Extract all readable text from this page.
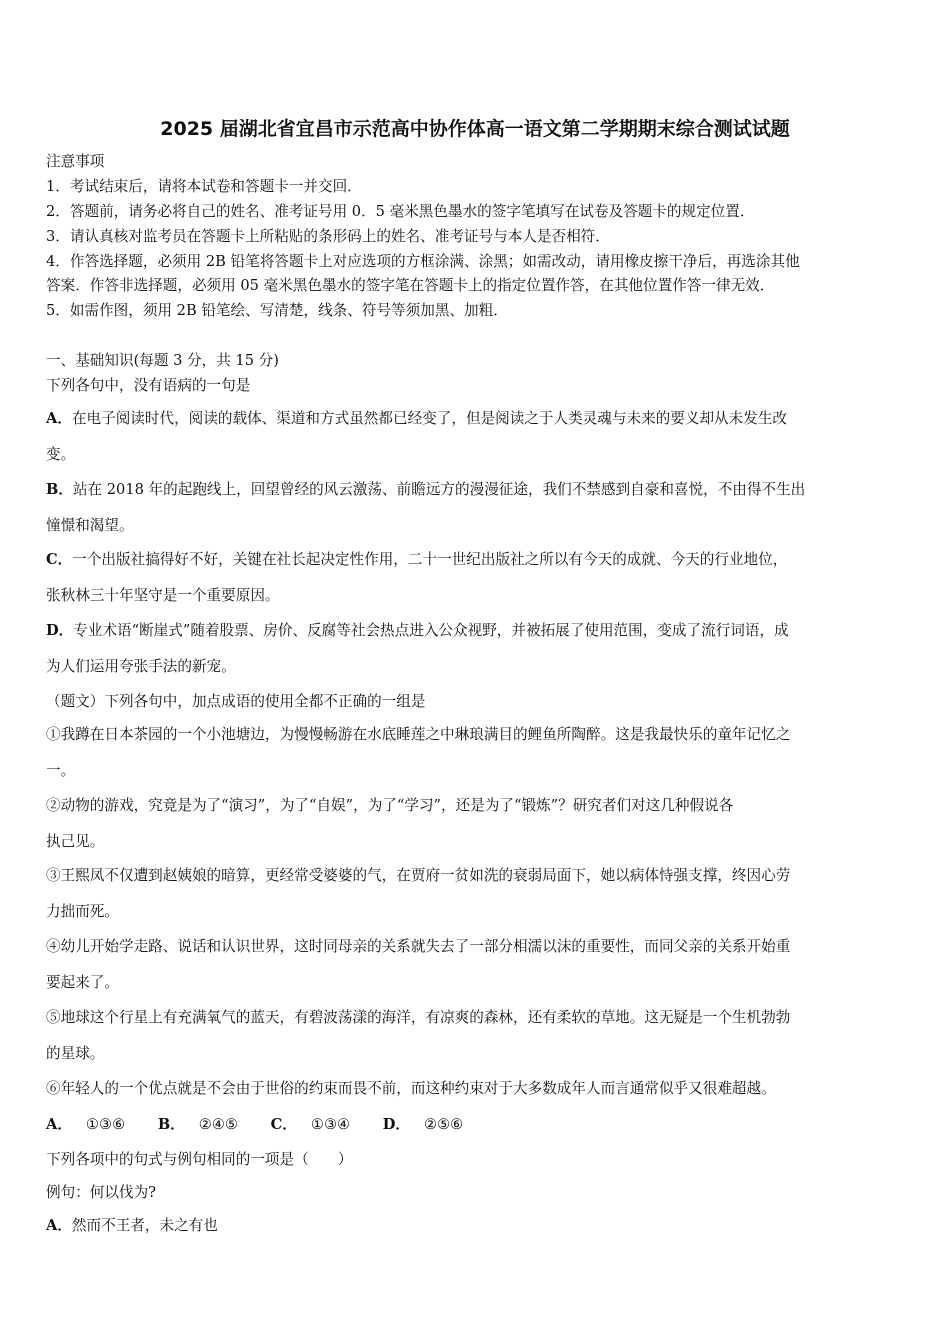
2025 届湖北省宜昌市示范高中协作体高一语文第二学期期末综合测试试题
注意事项
1．考试结束后，请将本试卷和答题卡一并交回．
2．答题前，请务必将自己的姓名、准考证号用 0．5 毫米黑色墨水的签字笔填写在试卷及答题卡的规定位置．
3．请认真核对监考员在答题卡上所粘贴的条形码上的姓名、准考证号与本人是否相符．
4．作答选择题，必须用 2B 铅笔将答题卡上对应选项的方框涂满、涂黑；如需改动，请用橡皮擦干净后，再选涂其他
答案．作答非选择题，必须用 05 毫米黑色墨水的签字笔在答题卡上的指定位置作答，在其他位置作答一律无效．
5．如需作图，须用 2B 铅笔绘、写清楚，线条、符号等须加黑、加粗．
一、基础知识(每题 3 分，共 15 分)
下列各句中，没有语病的一句是
A．在电子阅读时代，阅读的载体、渠道和方式虽然都已经变了，但是阅读之于人类灵魂与未来的要义却从未发生改
变。
B．站在 2018 年的起跑线上，回望曾经的风云激荡、前瞻远方的漫漫征途，我们不禁感到自豪和喜悦，不由得不生出
憧憬和渴望。
C．一个出版社搞得好不好，关键在社长起决定性作用，二十一世纪出版社之所以有今天的成就、今天的行业地位，
张秋林三十年坚守是一个重要原因。
D．专业术语“断崖式”随着股票、房价、反腐等社会热点进入公众视野，并被拓展了使用范围，变成了流行词语，成
为人们运用夸张手法的新宠。
（题文）下列各句中，加点成语的使用全都不正确的一组是
①我蹲在日本茶园的一个小池塘边，为慢慢畅游在水底睡莲之中琳琅满目的鲤鱼所陶醉。这是我最快乐的童年记忆之
一。
②动物的游戏，究竟是为了“演习”，为了“自娱”，为了“学习”，还是为了“锻炼”？研究者们对这几种假说各
执己见。
③王熙凤不仅遭到赵姨娘的暗算，更经常受婆婆的气，在贾府一贫如洗的衰弱局面下，她以病体恃强支撑，终因心劳
力拙而死。
④幼儿开始学走路、说话和认识世界，这时同母亲的关系就失去了一部分相濡以沫的重要性，而同父亲的关系开始重
要起来了。
⑤地球这个行星上有充满氧气的蓝天，有碧波荡漾的海洋，有凉爽的森林，还有柔软的草地。这无疑是一个生机勃勃
的星球。
⑥年轻人的一个优点就是不会由于世俗的约束而畏不前，而这种约束对于大多数成年人而言通常似乎又很难超越。
A． ①③⑥ B． ②④⑤ C． ①③④ D． ②⑤⑥
下列各项中的句式与例句相同的一项是（　　）
例句：何以伐为?
A．然而不王者，未之有也
